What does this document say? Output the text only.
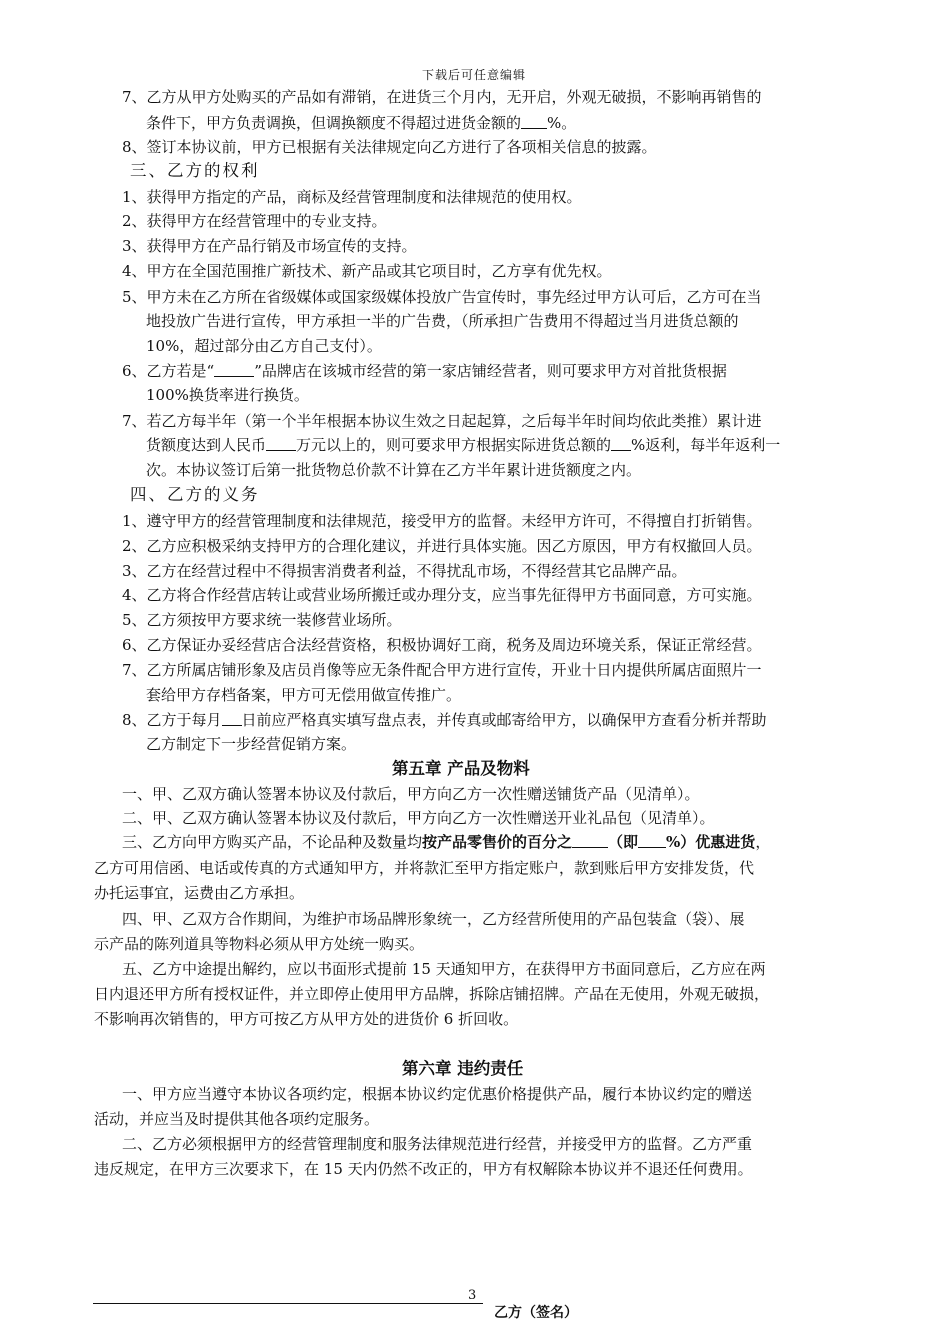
下载后可任意编辑
7、乙方从甲方处购买的产品如有滞销，在进货三个月内，无开启，外观无破损，不影响再销售的
条件下，甲方负责调换，但调换额度不得超过进货金额的 %。
8、签订本协议前，甲方已根据有关法律规定向乙方进行了各项相关信息的披露。
三、乙方的权利
1、获得甲方指定的产品，商标及经营管理制度和法律规范的使用权。
2、获得甲方在经营管理中的专业支持。
3、获得甲方在产品行销及市场宣传的支持。
4、甲方在全国范围推广新技术、新产品或其它项目时，乙方享有优先权。
5、甲方未在乙方所在省级媒体或国家级媒体投放广告宣传时，事先经过甲方认可后，乙方可在当
地投放广告进行宣传，甲方承担一半的广告费，（所承担广告费用不得超过当月进货总额的
10%，超过部分由乙方自己支付）。
6、乙方若是“	”品牌店在该城市经营的第一家店铺经营者，则可要求甲方对首批货根据
100%换货率进行换货。
7、若乙方每半年（第一个半年根据本协议生效之日起起算，之后每半年时间均依此类推）累计进
货额度达到人民币 万元以上的，则可要求甲方根据实际进货总额的 %返利，每半年返利一
次。本协议签订后第一批货物总价款不计算在乙方半年累计进货额度之内。
四、乙方的义务
1、遵守甲方的经营管理制度和法律规范，接受甲方的监督。未经甲方许可，不得擅自打折销售。
2、乙方应积极采纳支持甲方的合理化建议，并进行具体实施。因乙方原因，甲方有权撤回人员。
3、乙方在经营过程中不得损害消费者利益，不得扰乱市场，不得经营其它品牌产品。
4、乙方将合作经营店转让或营业场所搬迁或办理分支，应当事先征得甲方书面同意，方可实施。
5、乙方须按甲方要求统一装修营业场所。
6、乙方保证办妥经营店合法经营资格，积极协调好工商，税务及周边环境关系，保证正常经营。
7、乙方所属店铺形象及店员肖像等应无条件配合甲方进行宣传，开业十日内提供所属店面照片一
套给甲方存档备案，甲方可无偿用做宣传推广。
8、乙方于每月 日前应严格真实填写盘点表，并传真或邮寄给甲方，以确保甲方查看分析并帮助
乙方制定下一步经营促销方案。
第五章 产品及物料
一、甲、乙双方确认签署本协议及付款后，甲方向乙方一次性赠送铺货产品（见清单）。
二、甲、乙双方确认签署本协议及付款后，甲方向乙方一次性赠送开业礼品包（见清单）。
三、乙方向甲方购买产品，不论品种及数量均按产品零售价的百分之 （即 %）优惠进货，
乙方可用信函、电话或传真的方式通知甲方，并将款汇至甲方指定账户，款到账后甲方安排发货，代
办托运事宜，运费由乙方承担。
四、甲、乙双方合作期间，为维护市场品牌形象统一，乙方经营所使用的产品包装盒（袋）、展
示产品的陈列道具等物料必须从甲方处统一购买。
五、乙方中途提出解约，应以书面形式提前 15 天通知甲方，在获得甲方书面同意后，乙方应在两
日内退还甲方所有授权证件，并立即停止使用甲方品牌，拆除店铺招牌。产品在无使用，外观无破损，
不影响再次销售的，甲方可按乙方从甲方处的进货价 6 折回收。
第六章 违约责任
一、甲方应当遵守本协议各项约定，根据本协议约定优惠价格提供产品，履行本协议约定的赠送
活动，并应当及时提供其他各项约定服务。
二、乙方必须根据甲方的经营管理制度和服务法律规范进行经营，并接受甲方的监督。乙方严重
违反规定，在甲方三次要求下，在 15 天内仍然不改正的，甲方有权解除本协议并不退还任何费用。
3
乙方（签名）
